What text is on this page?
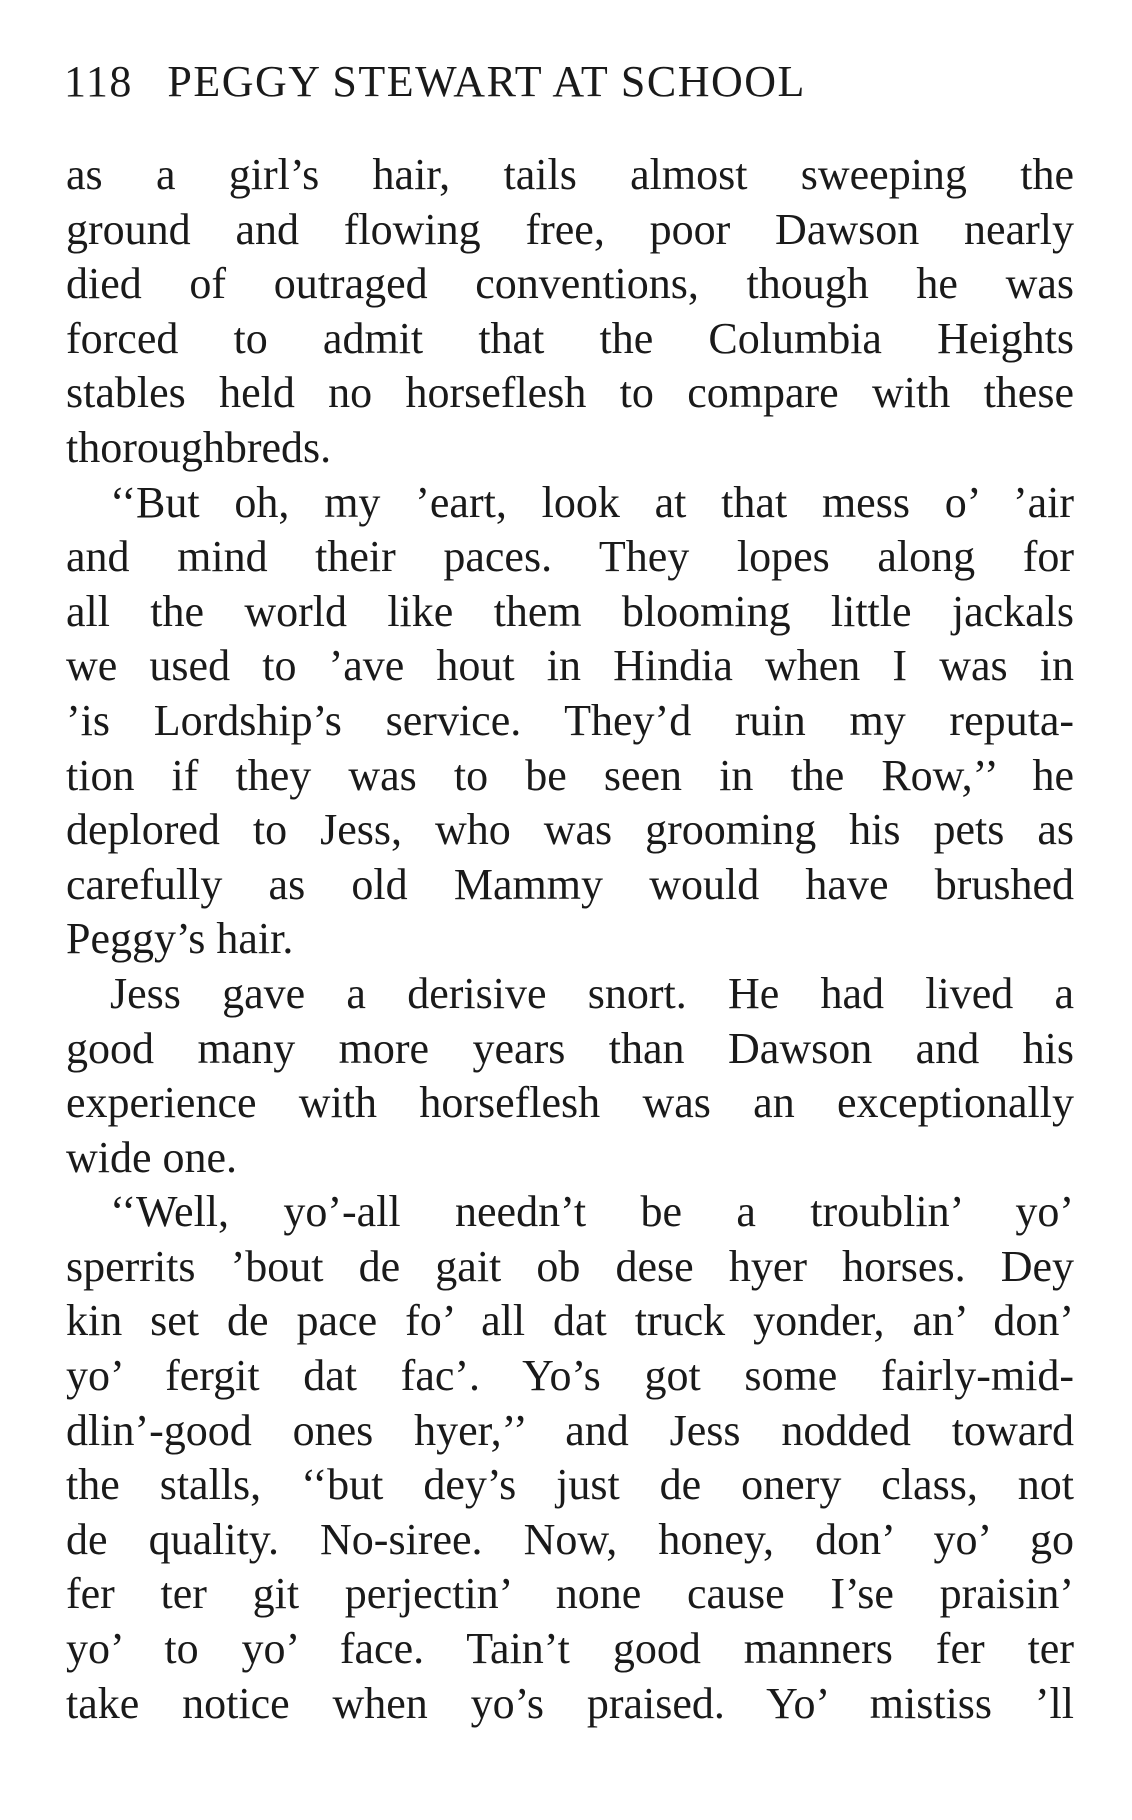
118 PEGGY STEWART AT SCHOOL
as a girl’s hair, tails almost sweeping the
ground and flowing free, poor Dawson nearly
died of outraged conventions, though he was
forced to admit that the Columbia Heights
stables held no horseflesh to compare with these
thoroughbreds.
‘‘But oh, my ’eart, look at that mess o’ ’air
and mind their paces. They lopes along for
all the world like them blooming little jackals
we used to ’ave hout in Hindia when I was in
’is Lordship’s service. They’d ruin my reputa-
tion if they was to be seen in the Row,’’ he
deplored to Jess, who was grooming his pets as
carefully as old Mammy would have brushed
Peggy’s hair.
Jess gave a derisive snort. He had lived a
good many more years than Dawson and his
experience with horseflesh was an exceptionally
wide one.
‘‘Well, yo’-all needn’t be a troublin’ yo’
sperrits ’bout de gait ob dese hyer horses. Dey
kin set de pace fo’ all dat truck yonder, an’ don’
yo’ fergit dat fac’. Yo’s got some fairly-mid-
dlin’-good ones hyer,’’ and Jess nodded toward
the stalls, ‘‘but dey’s just de onery class, not
de quality. No-siree. Now, honey, don’ yo’ go
fer ter git perjectin’ none cause I’se praisin’
yo’ to yo’ face. Tain’t good manners fer ter
take notice when yo’s praised. Yo’ mistiss ’ll
